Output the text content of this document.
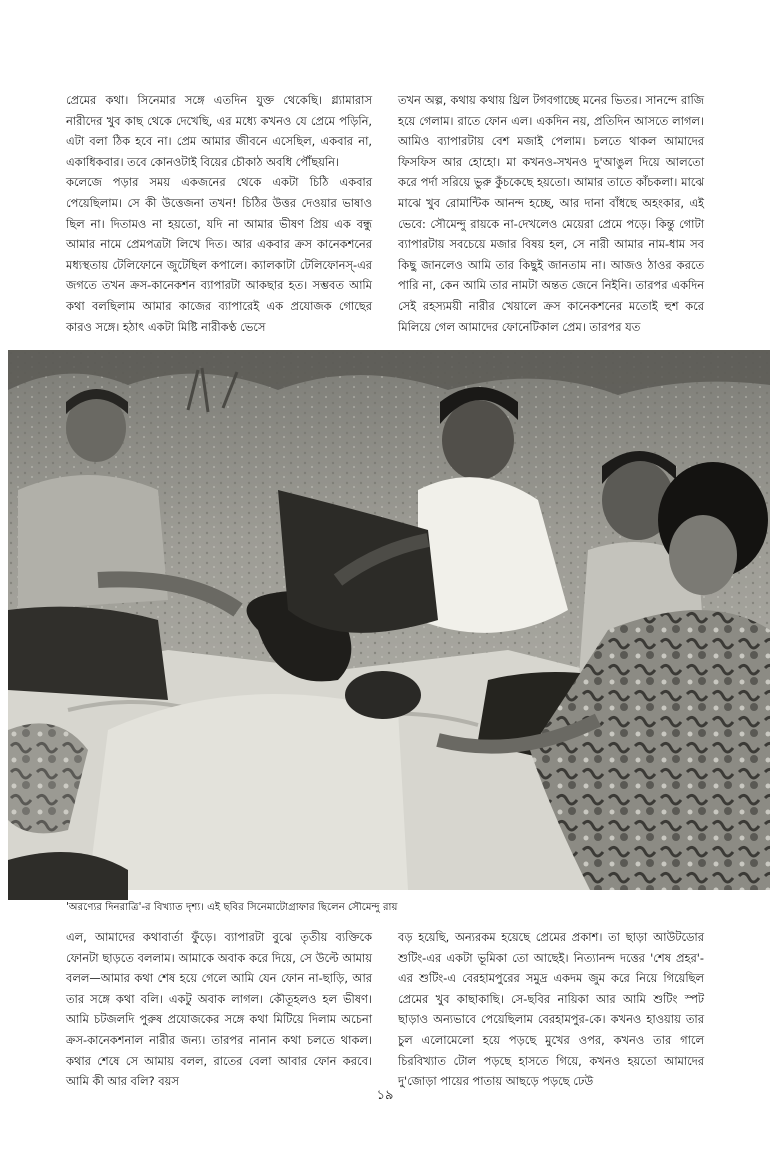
প্রেমের কথা। সিনেমার সঙ্গে এতদিন যুক্ত থেকেছি। গ্ল্যামারাস নারীদের খুব কাছ থেকে দেখেছি, এর মধ্যে কখনও যে প্রেমে পড়িনি, এটা বলা ঠিক হবে না। প্রেম আমার জীবনে এসেছিল, একবার না, একাধিকবার। তবে কোনওটাই বিয়ের চৌকাঠ অবধি পৌঁছয়নি।
কলেজে পড়ার সময় একজনের থেকে একটা চিঠি একবার পেয়েছিলাম। সে কী উত্তেজনা তখন! চিঠির উত্তর দেওয়ার ভাষাও ছিল না। দিতামও না হয়তো, যদি না আমার ভীষণ প্রিয় এক বন্ধু আমার নামে প্রেমপত্রটা লিখে দিত। আর একবার ক্রস কানেকশনের মধ্যস্থতায় টেলিফোনে জুটেছিল কপালে। ক্যালকাটা টেলিফোনস্-এর জগতে তখন ক্রস-কানেকশন ব্যাপারটা আকছার হত। সম্ভবত আমি কথা বলছিলাম আমার কাজের ব্যাপারেই এক প্রযোজক গোছের কারও সঙ্গে। হঠাৎ একটা মিষ্টি নারীকণ্ঠ ভেসে
তখন অল্প, কথায় কথায় থ্রিল টগবগাচ্ছে মনের ভিতর। সানন্দে রাজি হয়ে গেলাম। রাতে ফোন এল। একদিন নয়, প্রতিদিন আসতে লাগল। আমিও ব্যাপারটায় বেশ মজাই পেলাম। চলতে থাকল আমাদের ফিসফিস আর হোহো। মা কখনও-সখনও দু'আঙুল দিয়ে আলতো করে পর্দা সরিয়ে ভুরু কুঁচকেছে হয়তো। আমার তাতে কাঁচকলা। মাঝে মাঝে খুব রোমান্টিক আনন্দ হচ্ছে, আর দানা বাঁধছে অহংকার, এই ভেবে: সৌমেন্দু রায়কে না-দেখলেও মেয়েরা প্রেমে পড়ে। কিন্তু গোটা ব্যাপারটায় সবচেয়ে মজার বিষয় হল, সে নারী আমার নাম-ধাম সব কিছু জানলেও আমি তার কিছুই জানতাম না। আজও ঠাওর করতে পারি না, কেন আমি তার নামটা অন্তত জেনে নিইনি। তারপর একদিন সেই রহস্যময়ী নারীর খেয়ালে ক্রস কানেকশনের মতোই হুশ করে মিলিয়ে গেল আমাদের ফোনেটিকাল প্রেম। তারপর যত
'অরণ্যের দিনরাত্রি'-র বিখ্যাত দৃশ্য। এই ছবির সিনেমাটোগ্রাফার ছিলেন সৌমেন্দু রায়
এল, আমাদের কথাবার্তা ফুঁড়ে। ব্যাপারটা বুঝে তৃতীয় ব্যক্তিকে ফোনটা ছাড়তে বললাম। আমাকে অবাক করে দিয়ে, সে উল্টে আমায় বলল—আমার কথা শেষ হয়ে গেলে আমি যেন ফোন না-ছাড়ি, আর তার সঙ্গে কথা বলি। একটু অবাক লাগল। কৌতূহলও হল ভীষণ। আমি চটজলদি পুরুষ প্রযোজকের সঙ্গে কথা মিটিয়ে দিলাম অচেনা ক্রস-কানেকশনাল নারীর জন্য। তারপর নানান কথা চলতে থাকল। কথার শেষে সে আমায় বলল, রাতের বেলা আবার ফোন করবে। আমি কী আর বলি? বয়স
বড় হয়েছি, অন্যরকম হয়েছে প্রেমের প্রকাশ। তা ছাড়া আউটডোর শুটিং-এর একটা ভূমিকা তো আছেই। নিত্যানন্দ দত্তের 'শেষ প্রহর'-এর শুটিং-এ বেরহামপুরের সমুদ্র একদম জুম করে নিয়ে গিয়েছিল প্রেমের খুব কাছাকাছি। সে-ছবির নায়িকা আর আমি শুটিং স্পট ছাড়াও অন্যভাবে পেয়েছিলাম বেরহামপুর-কে। কখনও হাওয়ায় তার চুল এলোমেলো হয়ে পড়ছে মুখের ওপর, কখনও তার গালে চিরবিখ্যাত টোল পড়ছে হাসতে গিয়ে, কখনও হয়তো আমাদের দু'জোড়া পায়ের পাতায় আছড়ে পড়ছে ঢেউ
১৯
